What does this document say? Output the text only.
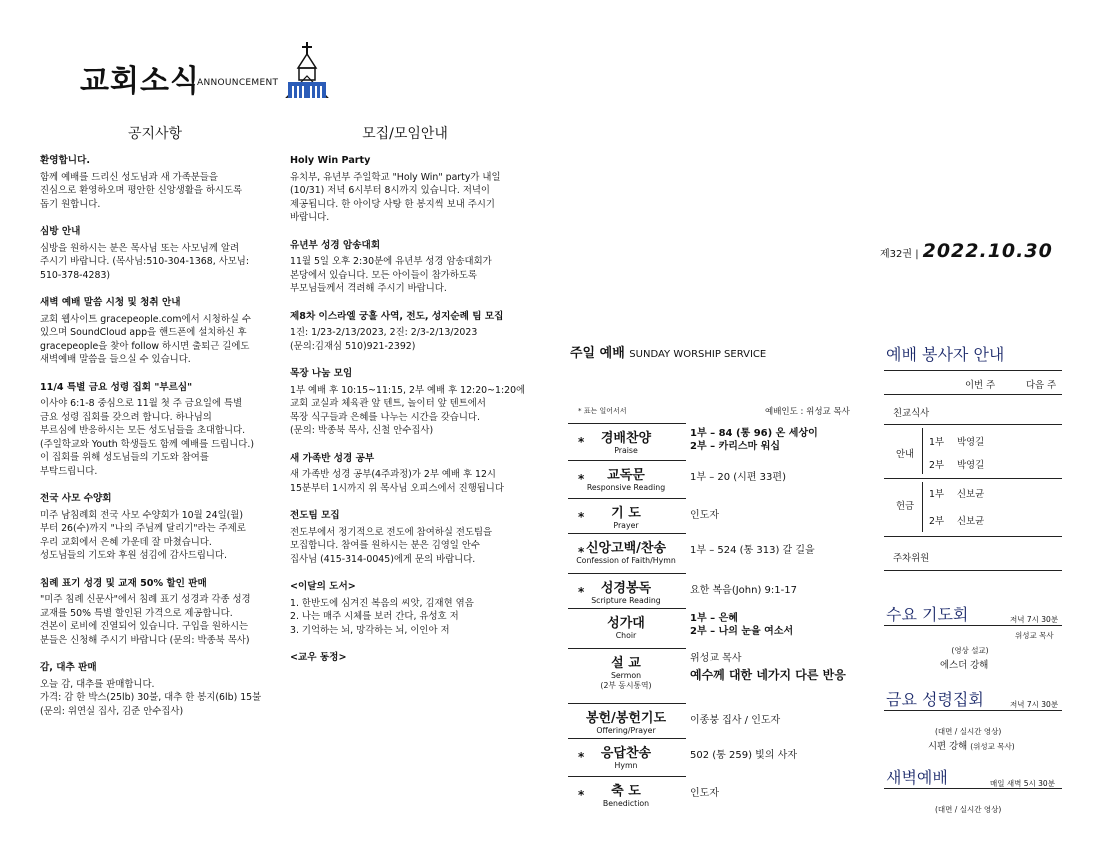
교회소식
ANNOUNCEMENT
공지사항
환영합니다.
함께 예배를 드리신 성도님과 새 가족분들을
진심으로 환영하오며 평안한 신앙생활을 하시도록
돕기 원합니다.
심방 안내
심방을 원하시는 분은 목사님 또는 사모님께 알려
주시기 바랍니다. (목사님:510-304-1368, 사모님:
510-378-4283)
새벽 예배 말씀 시청 및 청취 안내
교회 웹사이트 gracepeople.com에서 시청하실 수
있으며 SoundCloud app을 핸드폰에 설치하신 후
gracepeople을 찾아 follow 하시면 출퇴근 길에도
새벽예배 말씀을 들으실 수 있습니다.
11/4 특별 금요 성령 집회 "부르심"
이사야 6:1-8 중심으로 11월 첫 주 금요일에 특별
금요 성령 집회를 갖으려 합니다. 하나님의
부르심에 반응하시는 모든 성도님들을 초대합니다.
(주일학교와 Youth 학생들도 함께 예배를 드립니다.)
이 집회를 위해 성도님들의 기도와 참여를
부탁드립니다.
전국 사모 수양회
미주 남침례회 전국 사모 수양회가 10월 24일(월)
부터 26(수)까지 "나의 주님께 달리기"라는 주제로
우리 교회에서 은혜 가운데 잘 마쳤습니다.
성도님들의 기도와 후원 섬김에 감사드립니다.
침례 표기 성경 및 교재 50% 할인 판매
"미주 침례 신문사"에서 침례 표기 성경과 각종 성경
교재를 50% 특별 할인된 가격으로 제공합니다.
견본이 로비에 진열되어 있습니다. 구입을 원하시는
분들은 신청해 주시기 바랍니다 (문의: 박종북 목사)
감, 대추 판매
오늘 감, 대추를 판매합니다.
가격: 감 한 박스(25lb) 30불, 대추 한 봉지(6lb) 15불
(문의: 위연실 집사, 김준 안수집사)
모집/모임안내
Holy Win Party
유치부, 유년부 주일학교 "Holy Win" party가 내일
(10/31) 저녁 6시부터 8시까지 있습니다. 저녁이
제공됩니다. 한 아이당 사탕 한 봉지씩 보내 주시기
바랍니다.
유년부 성경 암송대회
11월 5일 오후 2:30분에 유년부 성경 암송대회가
본당에서 있습니다. 모든 아이들이 참가하도록
부모님들께서 격려해 주시기 바랍니다.
제8차 이스라엘 궁홀 사역, 전도, 성지순례 팀 모집
1진: 1/23-2/13/2023, 2진: 2/3-2/13/2023
(문의:김재심 510)921-2392)
목장 나눔 모임
1부 예배 후 10:15~11:15, 2부 예배 후 12:20~1:20에
교회 교실과 체육관 앞 텐트, 놀이터 앞 텐트에서
목장 식구들과 은혜를 나누는 시간을 갖습니다.
(문의: 박종북 목사, 신철 안수집사)
새 가족반 성경 공부
새 가족반 성경 공부(4주과정)가 2부 예배 후 12시
15분부터 1시까지 위 목사님 오피스에서 진행됩니다
전도팀 모집
전도부에서 정기적으로 전도에 참여하실 전도팀을
모집합니다. 참여를 원하시는 분은 김영일 안수
집사님 (415-314-0045)에게 문의 바랍니다.
<이달의 도서>
1. 한반도에 심겨진 복음의 씨앗, 김재현 엮음
2. 나는 매주 시체를 보러 간다, 유성호 저
3. 기억하는 뇌, 망각하는 뇌, 이인아 저
<교우 동정>
제32권 | 2022.10.30
주일 예배 SUNDAY WORSHIP SERVICE
* 표는 일어서서	예배인도 : 위성교 목사
*	경배찬양
Praise
1부 – 84 (통 96) 온 세상이
2부 – 카리스마 워십
*	교독문
Responsive Reading
1부 – 20 (시편 33편)
*	기 도
Prayer
인도자
* 신앙고백/찬송
Confession of Faith/Hymn
1부 – 524 (통 313) 갈 길을
*	성경봉독
Scripture Reading
요한 복음(John) 9:1-17
성가대
Choir
1부 – 은혜
2부 – 나의 눈을 여소서
설 교
Sermon
(2부 동시통역)
위성교 목사
예수께 대한 네가지 다른 반응
봉헌/봉헌기도
Offering/Prayer
이종붕 집사 / 인도자
*	응답찬송
Hymn
502 (통 259) 빛의 사자
*	축 도
Benediction
인도자
예배 봉사자 안내
이번 주	다음 주
친교식사
안내
1부 박영길
2부 박영길
헌금
1부 신보균
2부 신보균
주차위원
수요 기도회	저녁 7시 30분
위성교 목사
(영상 설교)
에스더 강해
금요 성령집회	저녁 7시 30분
(대면 / 실시간 영상)
시편 강해 (위성교 목사)
새벽예배	매일 새벽 5시 30분
(대면 / 실시간 영상)
